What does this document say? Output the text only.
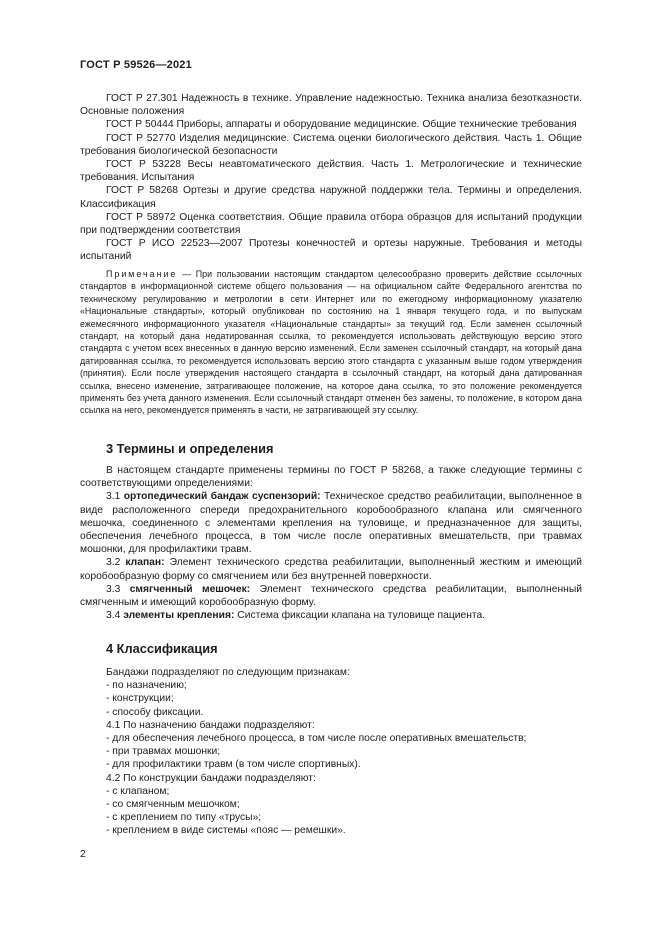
ГОСТ Р 59526—2021

ГОСТ Р 27.301 Надежность в технике. Управление надежностью. Техника анализа безотказности. Основные положения

ГОСТ Р 50444 Приборы, аппараты и оборудование медицинские. Общие технические требования

ГОСТ Р 52770 Изделия медицинские. Система оценки биологического действия. Часть 1. Общие требования биологической безопасности

ГОСТ Р 53228 Весы неавтоматического действия. Часть 1. Метрологические и технические требования. Испытания

ГОСТ Р 58268 Ортезы и другие средства наружной поддержки тела. Термины и определения. Классификация

ГОСТ Р 58972 Оценка соответствия. Общие правила отбора образцов для испытаний продукции при подтверждении соответствия

ГОСТ Р ИСО 22523—2007 Протезы конечностей и ортезы наружные. Требования и методы испытаний

Примечание — При пользовании настоящим стандартом целесообразно проверить действие ссылочных стандартов в информационной системе общего пользования — на официальном сайте Федерального агентства по техническому регулированию и метрологии в сети Интернет или по ежегодному информационному указателю «Национальные стандарты», который опубликован по состоянию на 1 января текущего года, и по выпускам ежемесячного информационного указателя «Национальные стандарты» за текущий год. Если заменен ссылочный стандарт, на который дана недатированная ссылка, то рекомендуется использовать действующую версию этого стандарта с учетом всех внесенных в данную версию изменений. Если заменен ссылочный стандарт, на который дана датированная ссылка, то рекомендуется использовать версию этого стандарта с указанным выше годом утверждения (принятия). Если после утверждения настоящего стандарта в ссылочный стандарт, на который дана датированная ссылка, внесено изменение, затрагивающее положение, на которое дана ссылка, то это положение рекомендуется применять без учета данного изменения. Если ссылочный стандарт отменен без замены, то положение, в котором дана ссылка на него, рекомендуется применять в части, не затрагивающей эту ссылку.
3 Термины и определения

В настоящем стандарте применены термины по ГОСТ Р 58268, а также следующие термины с соответствующими определениями:

3.1 ортопедический бандаж суспензорий: Техническое средство реабилитации, выполненное в виде расположенного спереди предохранительного коробообразного клапана или смягченного мешочка, соединенного с элементами крепления на туловище, и предназначенное для защиты, обеспечения лечебного процесса, в том числе после оперативных вмешательств, при травмах мошонки, для профилактики травм.

3.2 клапан: Элемент технического средства реабилитации, выполненный жестким и имеющий коробообразную форму со смягчением или без внутренней поверхности.

3.3 смягченный мешочек: Элемент технического средства реабилитации, выполненный смягченным и имеющий коробообразную форму.

3.4 элементы крепления: Система фиксации клапана на туловище пациента.

4 Классификация

Бандажи подразделяют по следующим признакам:

- по назначению;

- конструкции;

- способу фиксации.

4.1 По назначению бандажи подразделяют:

- для обеспечения лечебного процесса, в том числе после оперативных вмешательств;

- при травмах мошонки;

- для профилактики травм (в том числе спортивных).

4.2 По конструкции бандажи подразделяют:

- с клапаном;

- со смягченным мешочком;

- с креплением по типу «трусы»;

- креплением в виде системы «пояс — ремешки».

2
